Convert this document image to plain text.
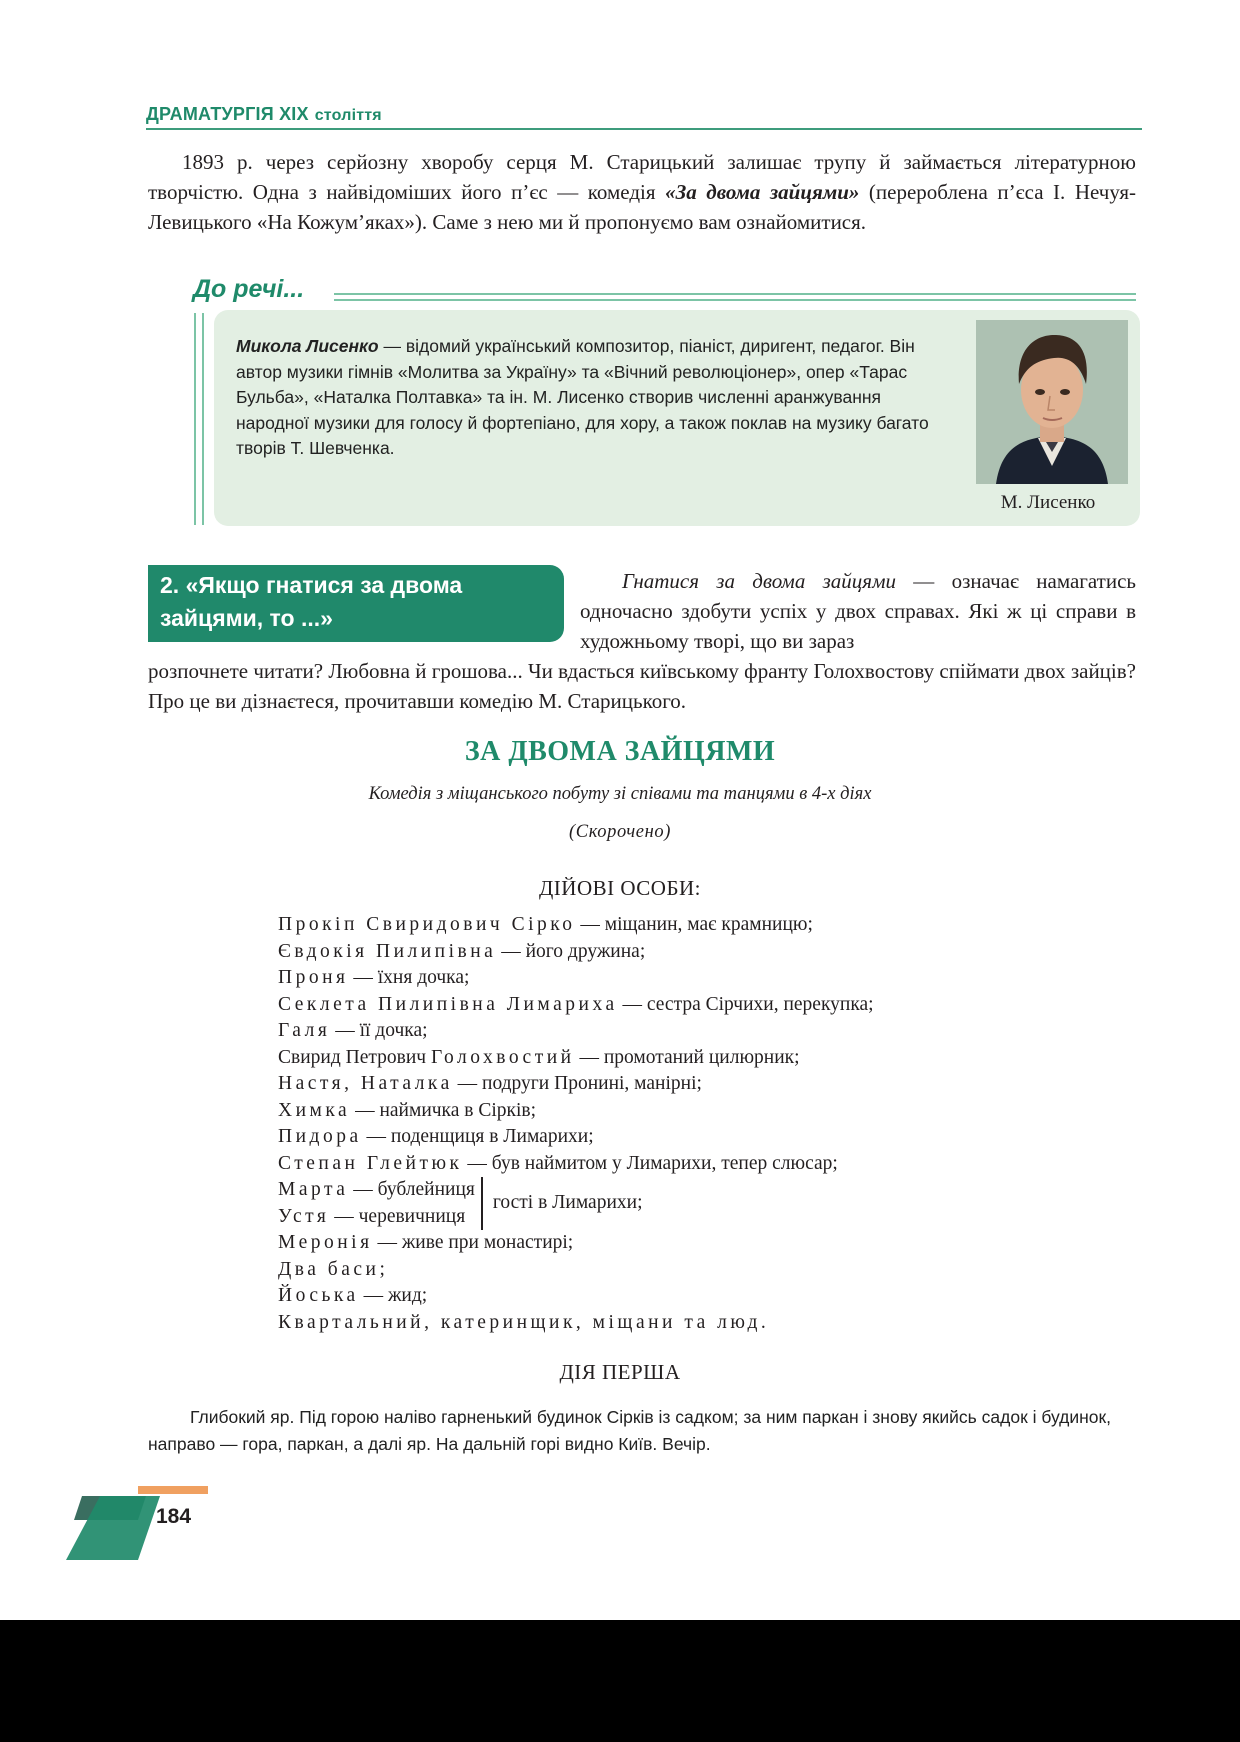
ДРАМАТУРГІЯ XIX століття

1893 р. через серйозну хворобу серця М. Старицький залишає трупу й займається літературною творчістю. Одна з найвідоміших його п’єс — комедія «За двома зайцями» (перероблена п’єса І. Нечуя-Левицького «На Кожум’яках»). Саме з нею ми й пропонуємо вам ознайомитися.

До речі...
Микола Лисенко — відомий український композитор, піаніст, диригент, педагог. Він автор музики гімнів «Молитва за Україну» та «Вічний революціонер», опер «Тарас Бульба», «Наталка Полтавка» та ін. М. Лисенко створив численні аранжування народної музики для голосу й фортепіано, для хору, а також поклав на музику багато творів Т. Шевченка.
М. Лисенко

2. «Якщо гнатися за двома зайцями, то ...»

Гнатися за двома зайцями — означає намагатись одночасно здобути успіх у двох справах. Які ж ці справи в художньому творі, що ви зараз
розпочнете читати? Любовна й грошова... Чи вдасться київському франту Голохвостову спіймати двох зайців? Про це ви дізнаєтеся, прочитавши комедію М. Старицького.
ЗА ДВОМА ЗАЙЦЯМИ
Комедія з міщанського побуту зі співами та танцями в 4-х діях
(Скорочено)
ДІЙОВІ ОСОБИ:
Прокіп Свиридович Сірко — міщанин, має крамницю;
Євдокія Пилипівна — його дружина;
Проня — їхня дочка;
Секлета Пилипівна Лимариха — сестра Сірчихи, перекупка;
Галя — її дочка;
Свирид Петрович Голохвостий — промотаний цилюрник;
Настя, Наталка — подруги Пронині, манірні;
Химка — наймичка в Сірків;
Пидора — поденщиця в Лимарихи;
Степан Глейтюк — був наймитом у Лимарихи, тепер слюсар;
Марта — бублейниця
Устя — черевичниця
гості в Лимарихи;
Меронія — живе при монастирі;
Два баси;
Йоська — жид;
Квартальний, катеринщик, міщани та люд.
ДІЯ ПЕРША

Глибокий яр. Під горою наліво гарненький будинок Сірків із садком; за ним паркан і знову якийсь садок і будинок, направо — гора, паркан, а далі яр. На дальній горі видно Київ. Вечір.

184
